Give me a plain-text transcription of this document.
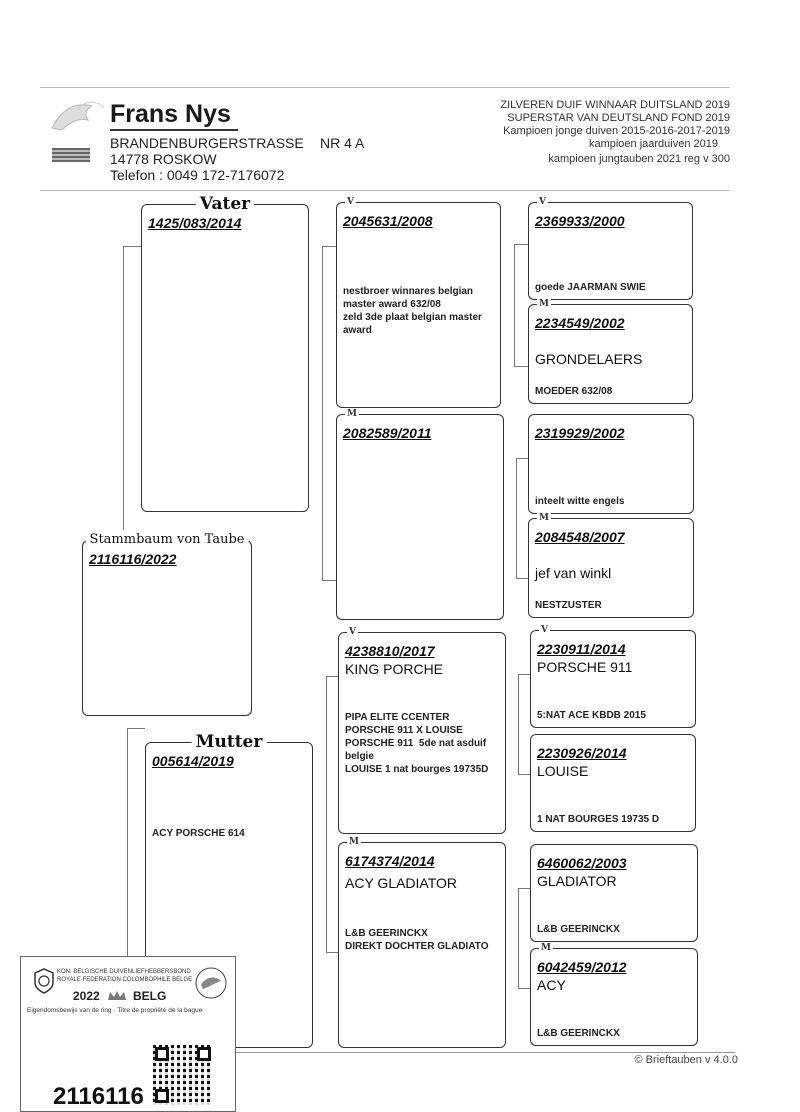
Frans Nys
BRANDENBURGERSTRASSE NR 4 A
14778 ROSKOW
Telefon : 0049 172-7176072
ZILVEREN DUIF WINNAAR DUITSLAND 2019
SUPERSTAR VAN DEUTSLAND FOND 2019
Kampioen jonge duiven 2015-2016-2017-2019
kampioen jaarduiven 2019
kampioen jungtauben 2021 reg v 300
Stammbaum von Taube
2116116/2022
Vater
1425/083/2014
Mutter
005614/2019
ACY PORSCHE 614
V
2045631/2008
nestbroer winnares belgian
master award 632/08
zeld 3de plaat belgian master
award
M
2082589/2011
V
4238810/2017
KING PORCHE
PIPA ELITE CCENTER
PORSCHE 911 X LOUISE
PORSCHE 911  5de nat asduif
belgie
LOUISE 1 nat bourges 19735D
M
6174374/2014
ACY GLADIATOR
L&B GEERINCKX
DIREKT DOCHTER GLADIATO
V
2369933/2000
goede JAARMAN SWIE
M
2234549/2002
GRONDELAERS
MOEDER 632/08
2319929/2002
inteelt witte engels
M
2084548/2007
jef van winkl
NESTZUSTER
V
2230911/2014
PORSCHE 911
5:NAT ACE KBDB 2015
2230926/2014
LOUISE
1 NAT BOURGES 19735 D
6460062/2003
GLADIATOR
L&B GEERINCKX
M
6042459/2012
ACY
L&B GEERINCKX
© Brieftauben v 4.0.0
KON. BELGISCHE DUIVENLIEFHEBBERSBOND
ROYALE FEDERATION COLOMBOPHILE BELGE
2022	BELG
Eigendomsbewijs van de ring · Titre de propriété de la bague
2116116
